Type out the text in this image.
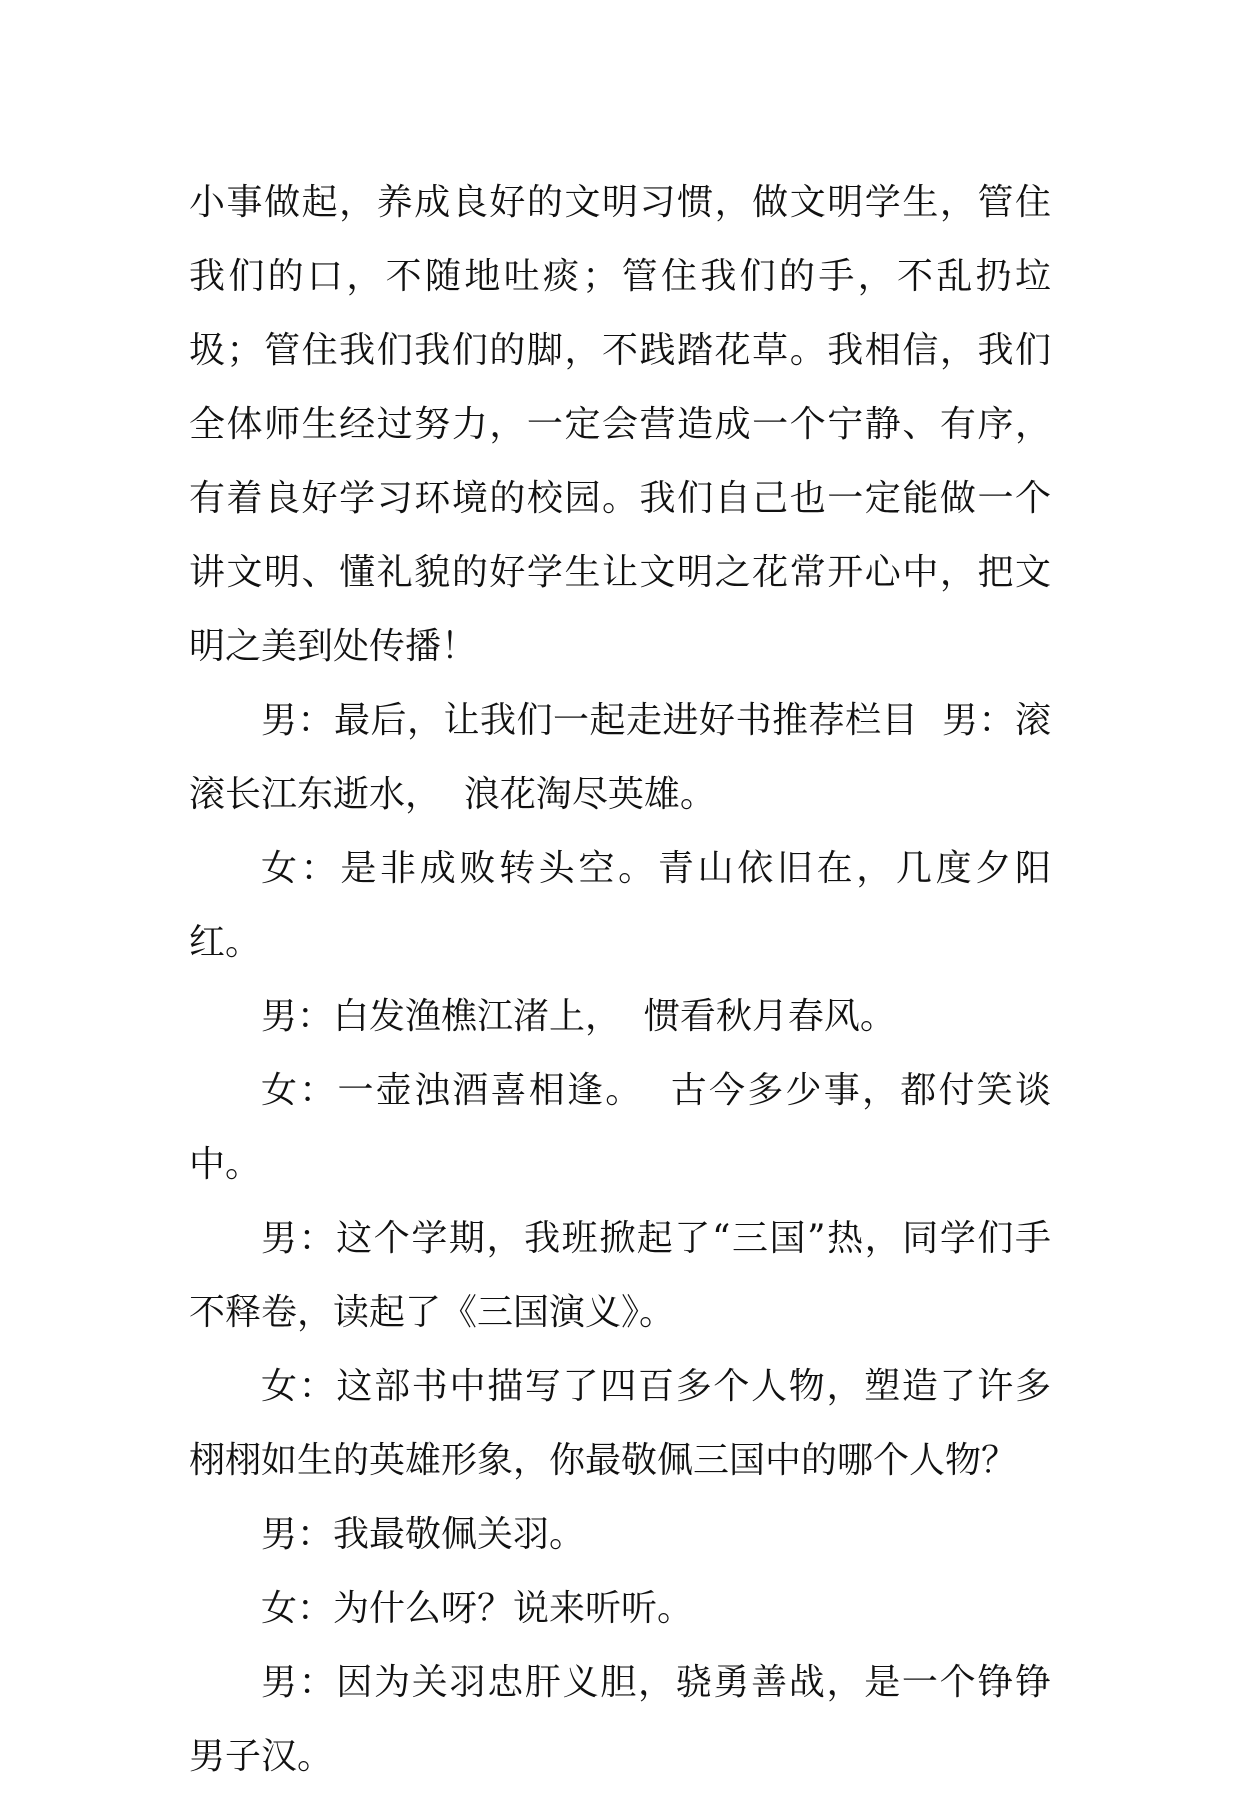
小事做起，养成良好的文明习惯，做文明学生，管住我们的口，不随地吐痰；管住我们的手，不乱扔垃圾；管住我们我们的脚，不践踏花草。我相信，我们全体师生经过努力，一定会营造成一个宁静、有序，有着良好学习环境的校园。我们自己也一定能做一个讲文明、懂礼貌的好学生让文明之花常开心中，把文明之美到处传播！

男：最后，让我们一起走进好书推荐栏目  男：滚滚长江东逝水，  浪花淘尽英雄。

女：是非成败转头空。青山依旧在，几度夕阳红。

男：白发渔樵江渚上，  惯看秋月春风。

女：一壶浊酒喜相逢。  古今多少事，都付笑谈中。

男：这个学期，我班掀起了“三国”热，同学们手不释卷，读起了《三国演义》。

女：这部书中描写了四百多个人物，塑造了许多栩栩如生的英雄形象，你最敬佩三国中的哪个人物？

男：我最敬佩关羽。

女：为什么呀？说来听听。

男：因为关羽忠肝义胆，骁勇善战，是一个铮铮男子汉。
